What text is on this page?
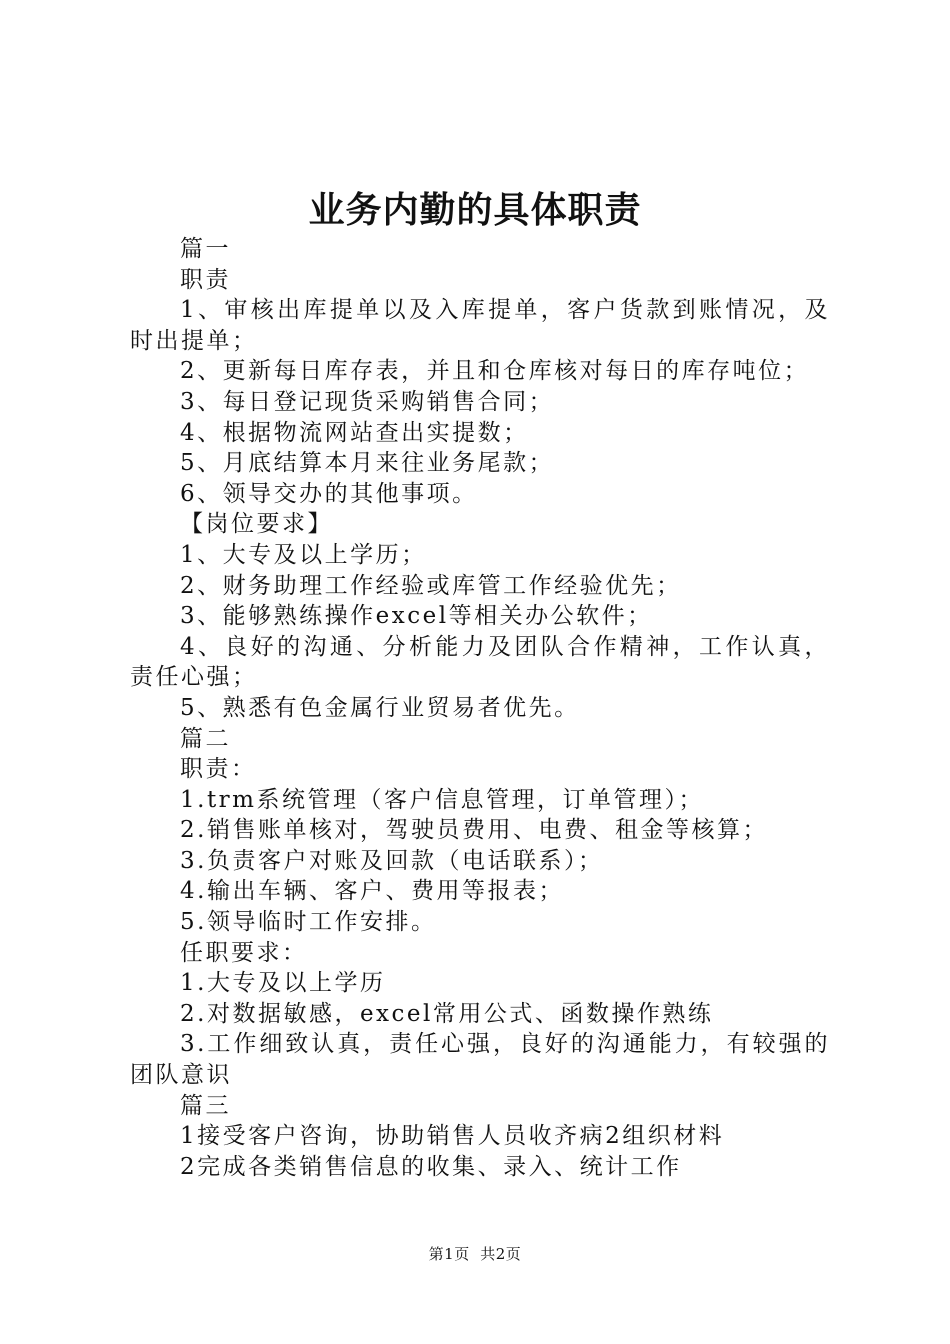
业务内勤的具体职责

篇一

职责

1、审核出库提单以及入库提单，客户货款到账情况，及时出提单；

2、更新每日库存表，并且和仓库核对每日的库存吨位；

3、每日登记现货采购销售合同；

4、根据物流网站查出实提数；

5、月底结算本月来往业务尾款；

6、领导交办的其他事项。

【岗位要求】

1、大专及以上学历；

2、财务助理工作经验或库管工作经验优先；

3、能够熟练操作excel等相关办公软件；

4、良好的沟通、分析能力及团队合作精神，工作认真，责任心强；

5、熟悉有色金属行业贸易者优先。

篇二

职责：

1.trm系统管理（客户信息管理，订单管理）；

2.销售账单核对，驾驶员费用、电费、租金等核算；

3.负责客户对账及回款（电话联系）；

4.输出车辆、客户、费用等报表；

5.领导临时工作安排。

任职要求：

1.大专及以上学历

2.对数据敏感，excel常用公式、函数操作熟练

3.工作细致认真，责任心强，良好的沟通能力，有较强的团队意识

篇三

1接受客户咨询，协助销售人员收齐病2组织材料

2完成各类销售信息的收集、录入、统计工作

第1页 共2页
